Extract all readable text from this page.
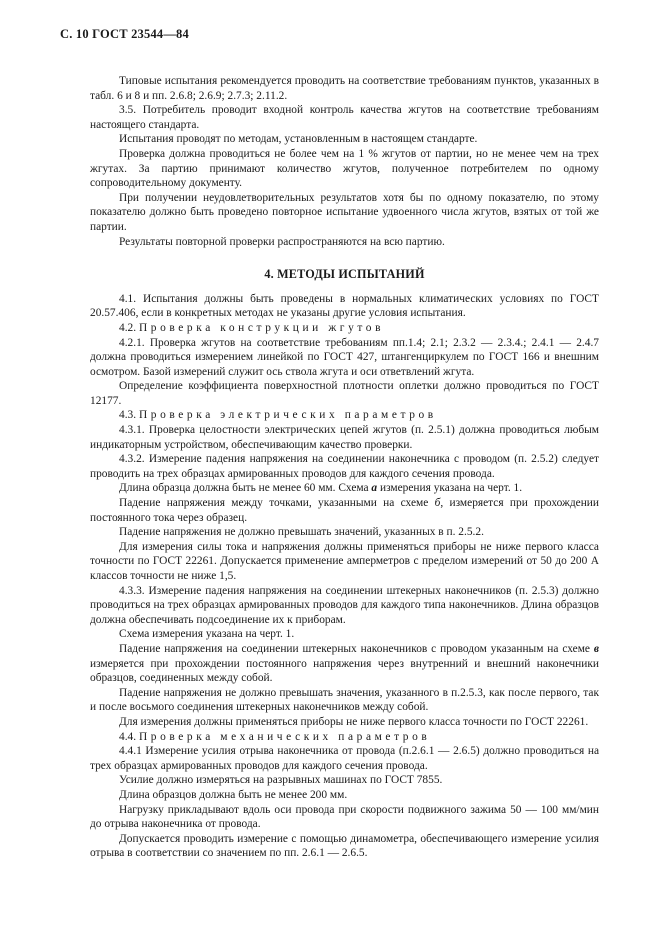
С. 10 ГОСТ 23544—84

Типовые испытания рекомендуется проводить на соответствие требованиям пунктов, указанных в табл. 6 и 8 и пп. 2.6.8; 2.6.9; 2.7.3; 2.11.2.

3.5. Потребитель проводит входной контроль качества жгутов на соответствие требованиям настоящего стандарта.

Испытания проводят по методам, установленным в настоящем стандарте.

Проверка должна проводиться не более чем на 1 % жгутов от партии, но не менее чем на трех жгутах. За партию принимают количество жгутов, полученное потребителем по одному сопроводительному документу.

При получении неудовлетворительных результатов хотя бы по одному показателю, по этому показателю должно быть проведено повторное испытание удвоенного числа жгутов, взятых от той же партии.

Результаты повторной проверки распространяются на всю партию.

4. МЕТОДЫ ИСПЫТАНИЙ

4.1. Испытания должны быть проведены в нормальных климатических условиях по ГОСТ 20.57.406, если в конкретных методах не указаны другие условия испытания.

4.2. Проверка конструкции жгутов

4.2.1. Проверка жгутов на соответствие требованиям пп.1.4; 2.1; 2.3.2 — 2.3.4.; 2.4.1 — 2.4.7 должна проводиться измерением линейкой по ГОСТ 427, штангенциркулем по ГОСТ 166 и внешним осмотром. Базой измерений служит ось ствола жгута и оси ответвлений жгута.

Определение коэффициента поверхностной плотности оплетки должно проводиться по ГОСТ 12177.

4.3. Проверка электрических параметров

4.3.1. Проверка целостности электрических цепей жгутов (п. 2.5.1) должна проводиться любым индикаторным устройством, обеспечивающим качество проверки.

4.3.2. Измерение падения напряжения на соединении наконечника с проводом (п. 2.5.2) следует проводить на трех образцах армированных проводов для каждого сечения провода.

Длина образца должна быть не менее 60 мм. Схема а измерения указана на черт. 1.

Падение напряжения между точками, указанными на схеме б, измеряется при прохождении постоянного тока через образец.

Падение напряжения не должно превышать значений, указанных в п. 2.5.2.

Для измерения силы тока и напряжения должны применяться приборы не ниже первого класса точности по ГОСТ 22261. Допускается применение амперметров с пределом измерений от 50 до 200 А классов точности не ниже 1,5.

4.3.3. Измерение падения напряжения на соединении штекерных наконечников (п. 2.5.3) должно проводиться на трех образцах армированных проводов для каждого типа наконечников. Длина образцов должна обеспечивать подсоединение их к приборам.

Схема измерения указана на черт. 1.

Падение напряжения на соединении штекерных наконечников с проводом указанным на схеме в измеряется при прохождении постоянного напряжения через внутренний и внешний наконечники образцов, соединенных между собой.

Падение напряжения не должно превышать значения, указанного в п.2.5.3, как после первого, так и после восьмого соединения штекерных наконечников между собой.

Для измерения должны применяться приборы не ниже первого класса точности по ГОСТ 22261.

4.4. Проверка механических параметров

4.4.1 Измерение усилия отрыва наконечника от провода (п.2.6.1 — 2.6.5) должно проводиться на трех образцах армированных проводов для каждого сечения провода.

Усилие должно измеряться на разрывных машинах по ГОСТ 7855.

Длина образцов должна быть не менее 200 мм.

Нагрузку прикладывают вдоль оси провода при скорости подвижного зажима 50 — 100 мм/мин до отрыва наконечника от провода.

Допускается проводить измерение с помощью динамометра, обеспечивающего измерение усилия отрыва в соответствии со значением по пп. 2.6.1 — 2.6.5.
